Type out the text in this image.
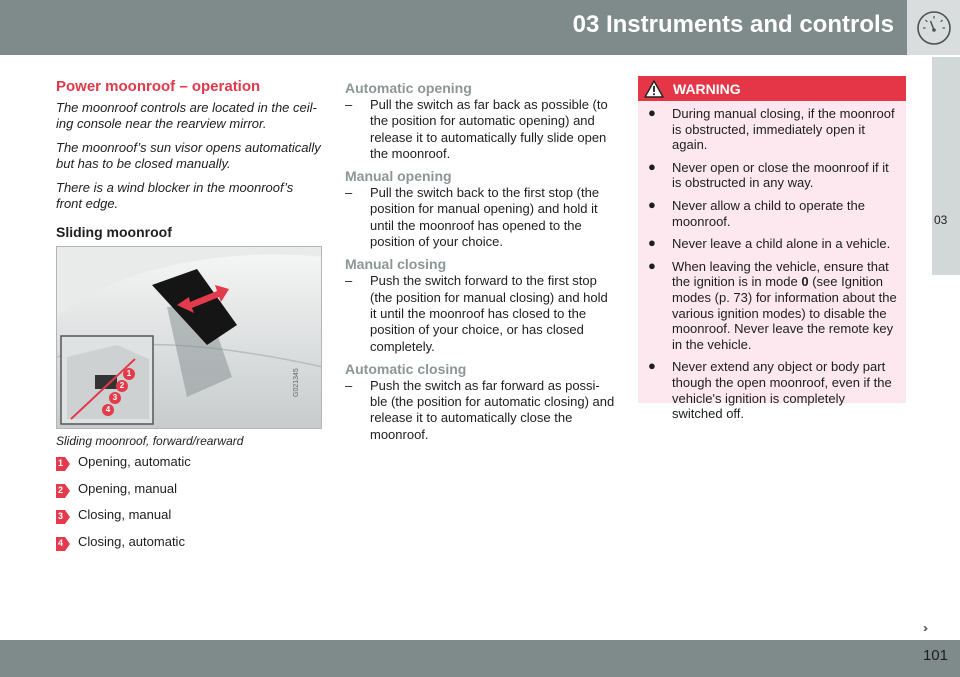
03 Instruments and controls
03
Power moonroof – operation

The moonroof controls are located in the ceil-ing console near the rearview mirror.

The moonroof’s sun visor opens automatically but has to be closed manually.

There is a wind blocker in the moonroof’s front edge.

Sliding moonroof
1
2
3
4
G021345
Sliding moonroof, forward/rearward
1 Opening, automatic
2 Opening, manual
3 Closing, manual
4 Closing, automatic
Automatic opening
– Pull the switch as far back as possible (to the position for automatic opening) and release it to automatically fully slide open the moonroof.
Manual opening
– Pull the switch back to the first stop (the position for manual opening) and hold it until the moonroof has opened to the position of your choice.
Manual closing
– Push the switch forward to the first stop (the position for manual closing) and hold it until the moonroof has closed to the position of your choice, or has closed completely.
Automatic closing
– Push the switch as far forward as possi-ble (the position for automatic closing) and release it to automatically close the moonroof.
WARNING
● During manual closing, if the moonroof is obstructed, immediately open it again.
● Never open or close the moonroof if it is obstructed in any way.
● Never allow a child to operate the moonroof.
● Never leave a child alone in a vehicle.
● When leaving the vehicle, ensure that the ignition is in mode 0 (see Ignition modes (p. 73) for information about the various ignition modes) to disable the moonroof. Never leave the remote key in the vehicle.
● Never extend any object or body part though the open moonroof, even if the vehicle's ignition is completely switched off.
››
101
